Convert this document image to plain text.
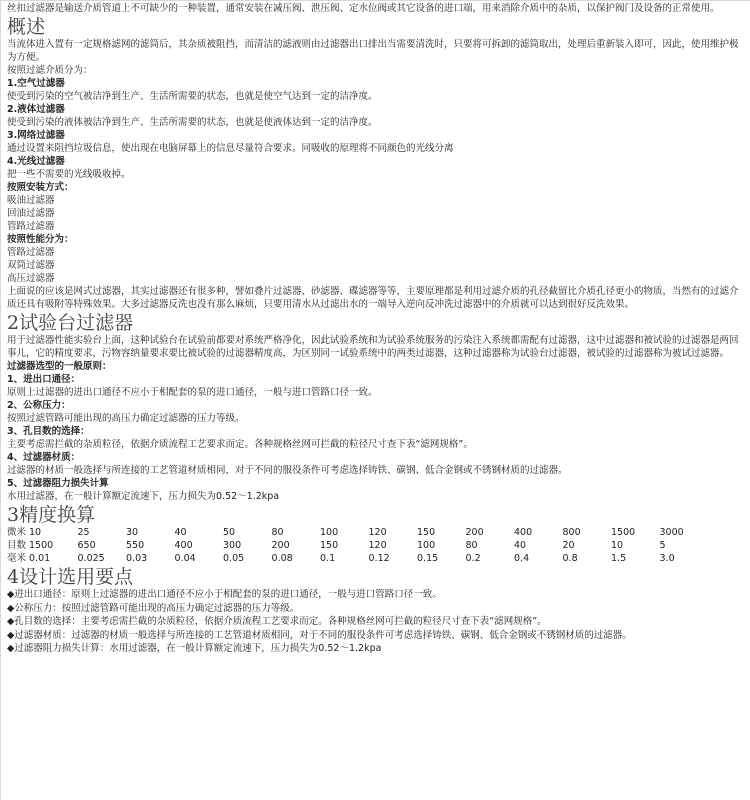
丝扣过滤器是输送介质管道上不可缺少的一种装置，通常安装在减压阀、泄压阀、定水位阀或其它设备的进口端，用来消除介质中的杂质，以保护阀门及设备的正常使用。

概述

当流体进入置有一定规格滤网的滤筒后，其杂质被阻挡，而清洁的滤液则由过滤器出口排出当需要清洗时，只要将可拆卸的滤筒取出，处理后重新装入即可，因此，使用维护极为方便。

按照过滤介质分为：

1.空气过滤器

使受到污染的空气被洁净到生产、生活所需要的状态，也就是使空气达到一定的洁净度。

2.液体过滤器

使受到污染的液体被洁净到生产、生活所需要的状态，也就是使液体达到一定的洁净度。

3.网络过滤器

通过设置来阻挡垃圾信息，使出现在电脑屏幕上的信息尽量符合要求。同吸收的原理将不同颜色的光线分离

4.光线过滤器

把一些不需要的光线吸收掉。

按照安装方式：

吸油过滤器

回油过滤器

管路过滤器

按照性能分为：

管路过滤器

双筒过滤器

高压过滤器

上面说的应该是网式过滤器，其实过滤器还有很多种，譬如叠片过滤器、砂滤器、碟滤器等等，主要原理都是利用过滤介质的孔径截留比介质孔径更小的物质，当然有的过滤介质还具有吸附等特殊效果。大多过滤器反洗也没有那么麻烦，只要用清水从过滤出水的一端导入逆向反冲洗过滤器中的介质就可以达到很好反洗效果。

2试验台过滤器

用于过滤器性能实验台上面，这种试验台在试验前都要对系统严格净化，因此试验系统和为试验系统服务的污染注入系统都需配有过滤器，这中过滤器和被试验的过滤器是两回事儿，它的精度要求，污物容纳量要求要比被试验的过滤器精度高，为区别同一试验系统中的两类过滤器，这种过滤器称为试验台过滤器，被试验的过滤器称为被试过滤器。

过滤器选型的一般原则：

1、进出口通径：

原则上过滤器的进出口通径不应小于相配套的泵的进口通径，一般与进口管路口径一致。

2、公称压力：

按照过滤管路可能出现的高压力确定过滤器的压力等级。

3、孔目数的选择：

主要考虑需拦截的杂质粒径，依据介质流程工艺要求而定。各种规格丝网可拦截的粒径尺寸查下表“滤网规格”。

4、过滤器材质：

过滤器的材质一般选择与所连接的工艺管道材质相同，对于不同的服役条件可考虑选择铸铁、碳钢、低合金钢或不锈钢材质的过滤器。

5、过滤器阻力损失计算

水用过滤器，在一般计算额定流速下，压力损失为0.52～1.2kpa

3精度换算
微米	10	25	30	40	50	80	100	120	150	200	400	800	1500	3000
目数	1500	650	550	400	300	200	150	120	100	80	40	20	10	5
毫米	0.01	0.025	0.03	0.04	0.05	0.08	0.1	0.12	0.15	0.2	0.4	0.8	1.5	3.0
4设计选用要点

◆进出口通径：原则上过滤器的进出口通径不应小于相配套的泵的进口通径，一般与进口管路口径一致。

◆公称压力：按照过滤管路可能出现的高压力确定过滤器的压力等级。

◆孔目数的选择：主要考虑需拦截的杂质粒径，依据介质流程工艺要求而定。各种规格丝网可拦截的粒径尺寸查下表“滤网规格”。

◆过滤器材质：过滤器的材质一般选择与所连接的工艺管道材质相同，对于不同的服役条件可考虑选择铸铁、碳钢、低合金钢或不锈钢材质的过滤器。

◆过滤器阻力损失计算：水用过滤器，在一般计算额定流速下，压力损失为0.52～1.2kpa
